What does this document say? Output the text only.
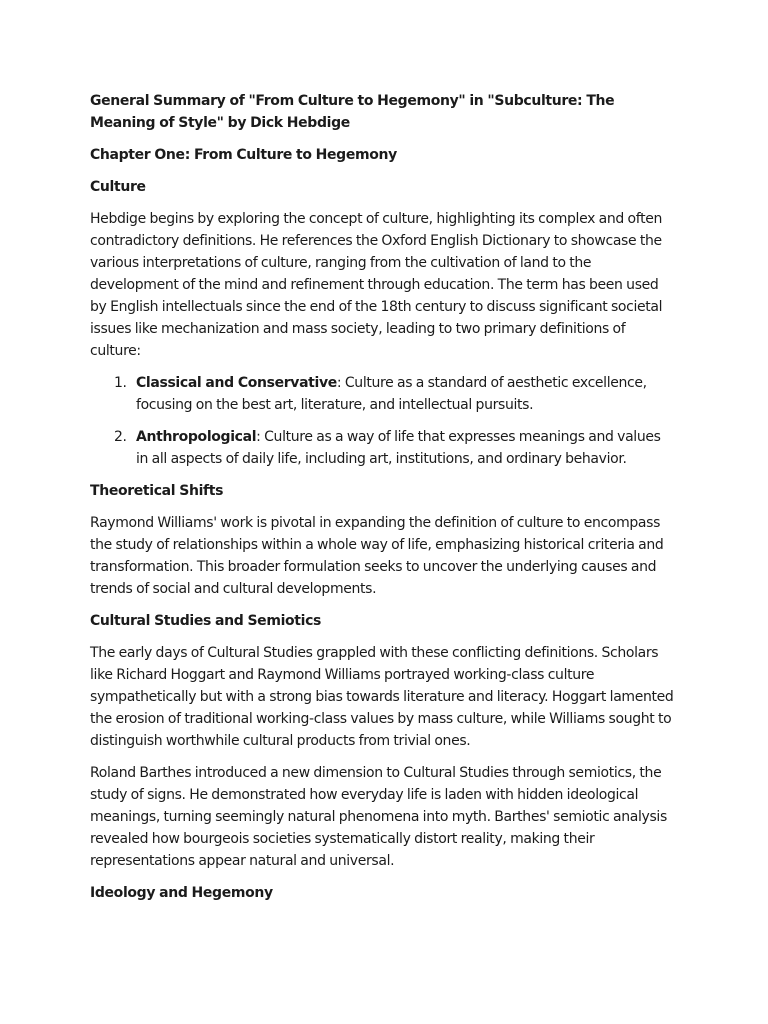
General Summary of "From Culture to Hegemony" in "Subculture: The Meaning of Style" by Dick Hebdige
Chapter One: From Culture to Hegemony
Culture
Hebdige begins by exploring the concept of culture, highlighting its complex and often contradictory definitions. He references the Oxford English Dictionary to showcase the various interpretations of culture, ranging from the cultivation of land to the development of the mind and refinement through education. The term has been used by English intellectuals since the end of the 18th century to discuss significant societal issues like mechanization and mass society, leading to two primary definitions of culture:
1. Classical and Conservative: Culture as a standard of aesthetic excellence, focusing on the best art, literature, and intellectual pursuits.
2. Anthropological: Culture as a way of life that expresses meanings and values in all aspects of daily life, including art, institutions, and ordinary behavior.
Theoretical Shifts
Raymond Williams' work is pivotal in expanding the definition of culture to encompass the study of relationships within a whole way of life, emphasizing historical criteria and transformation. This broader formulation seeks to uncover the underlying causes and trends of social and cultural developments.
Cultural Studies and Semiotics
The early days of Cultural Studies grappled with these conflicting definitions. Scholars like Richard Hoggart and Raymond Williams portrayed working-class culture sympathetically but with a strong bias towards literature and literacy. Hoggart lamented the erosion of traditional working-class values by mass culture, while Williams sought to distinguish worthwhile cultural products from trivial ones.
Roland Barthes introduced a new dimension to Cultural Studies through semiotics, the study of signs. He demonstrated how everyday life is laden with hidden ideological meanings, turning seemingly natural phenomena into myth. Barthes' semiotic analysis revealed how bourgeois societies systematically distort reality, making their representations appear natural and universal.
Ideology and Hegemony
